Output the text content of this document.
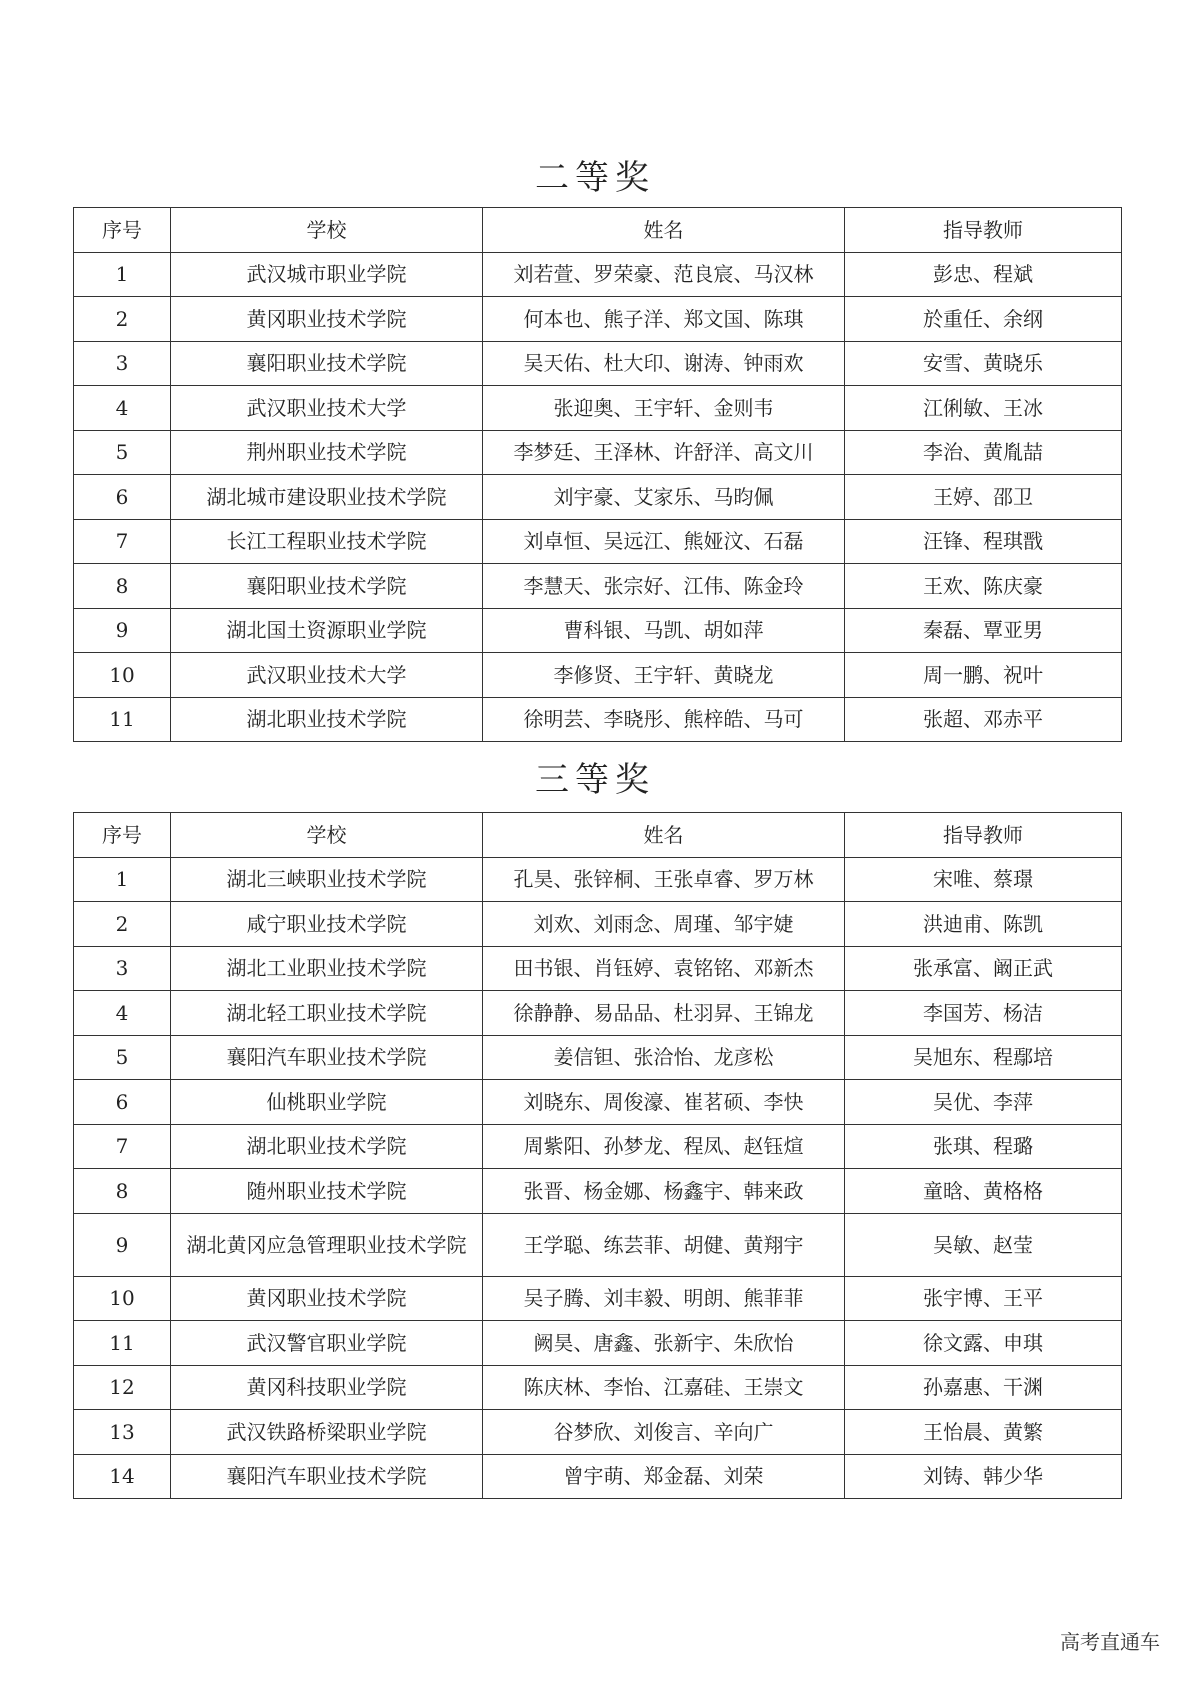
二等奖
序号	学校	姓名	指导教师
1	武汉城市职业学院	刘若萱、罗荣豪、范良宸、马汉林	彭忠、程斌
2	黄冈职业技术学院	何本也、熊子洋、郑文国、陈琪	於重任、余纲
3	襄阳职业技术学院	吴天佑、杜大印、谢涛、钟雨欢	安雪、黄晓乐
4	武汉职业技术大学	张迎奥、王宇轩、金则韦	江俐敏、王冰
5	荆州职业技术学院	李梦廷、王泽林、许舒洋、高文川	李治、黄胤喆
6	湖北城市建设职业技术学院	刘宇豪、艾家乐、马昀佩	王婷、邵卫
7	长江工程职业技术学院	刘卓恒、吴远江、熊娅汶、石磊	汪锋、程琪戬
8	襄阳职业技术学院	李慧天、张宗好、江伟、陈金玲	王欢、陈庆豪
9	湖北国土资源职业学院	曹科银、马凯、胡如萍	秦磊、覃亚男
10	武汉职业技术大学	李修贤、王宇轩、黄晓龙	周一鹏、祝叶
11	湖北职业技术学院	徐明芸、李晓彤、熊梓皓、马可	张超、邓赤平
三等奖
序号	学校	姓名	指导教师
1	湖北三峡职业技术学院	孔昊、张锌桐、王张卓睿、罗万林	宋唯、蔡璟
2	咸宁职业技术学院	刘欢、刘雨念、周瑾、邹宇婕	洪迪甫、陈凯
3	湖北工业职业技术学院	田书银、肖钰婷、袁铭铭、邓新杰	张承富、阚正武
4	湖北轻工职业技术学院	徐静静、易品品、杜羽昇、王锦龙	李国芳、杨洁
5	襄阳汽车职业技术学院	姜信钽、张洽怡、龙彦松	吴旭东、程鄢培
6	仙桃职业学院	刘晓东、周俊濠、崔茗硕、李快	吴优、李萍
7	湖北职业技术学院	周紫阳、孙梦龙、程凤、赵钰煊	张琪、程璐
8	随州职业技术学院	张晋、杨金娜、杨鑫宇、韩来政	童晗、黄格格
9	湖北黄冈应急管理职业技术学院	王学聪、练芸菲、胡健、黄翔宇	吴敏、赵莹
10	黄冈职业技术学院	吴子腾、刘丰毅、明朗、熊菲菲	张宇博、王平
11	武汉警官职业学院	阙昊、唐鑫、张新宇、朱欣怡	徐文露、申琪
12	黄冈科技职业学院	陈庆林、李怡、江嘉硅、王崇文	孙嘉惠、干渊
13	武汉铁路桥梁职业学院	谷梦欣、刘俊言、辛向广	王怡晨、黄繁
14	襄阳汽车职业技术学院	曾宇萌、郑金磊、刘荣	刘铸、韩少华
高考直通车
